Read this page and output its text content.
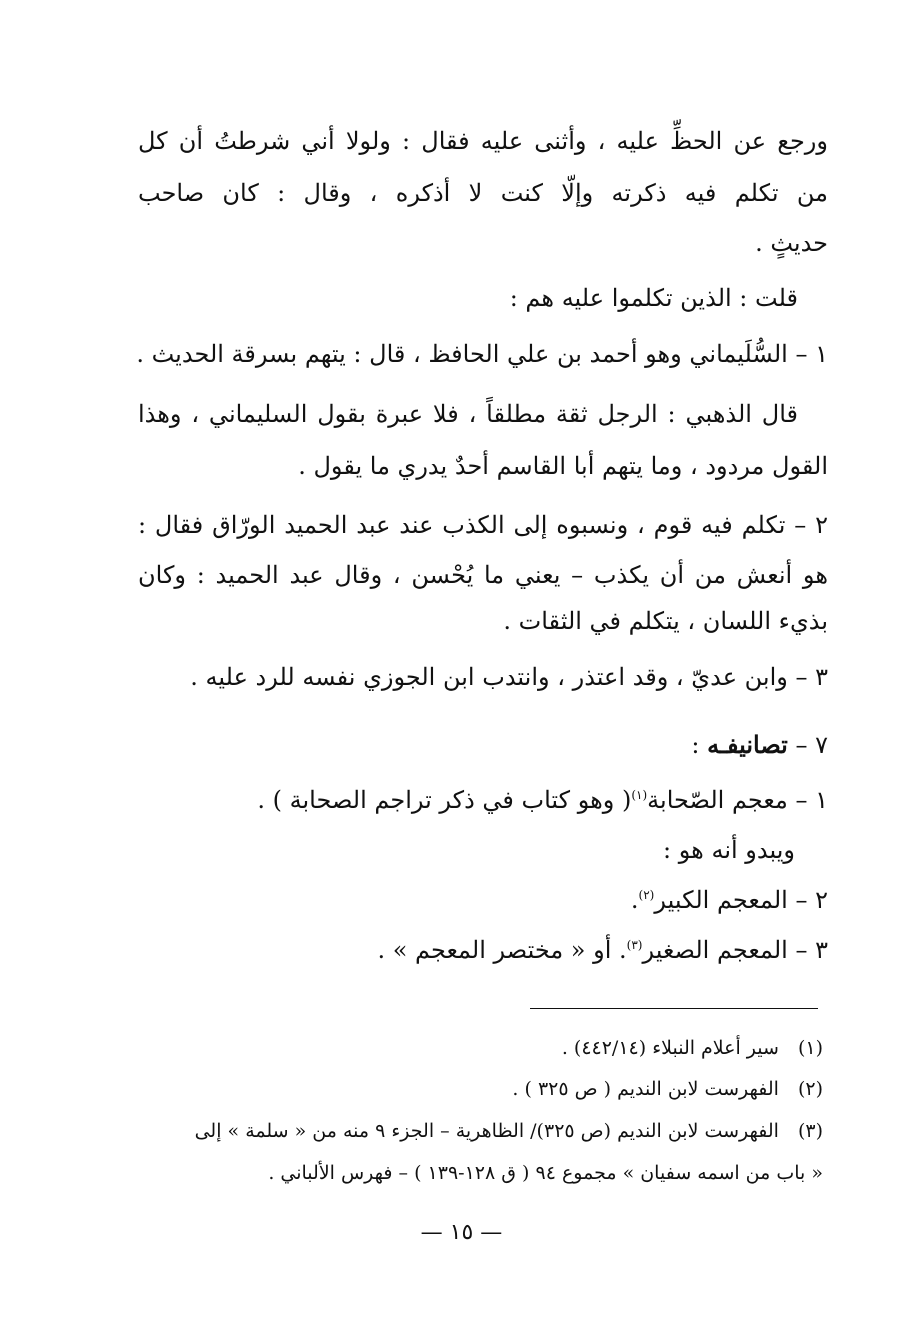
ورجع عن الحظِّ عليه ، وأثنى عليه فقال : ولولا أني شرطتُ أن كل
من تكلم فيه ذكرته وإلّا كنت لا أذكره ، وقال : كان صاحب
حديثٍ .
قلت : الذين تكلموا عليه هم :
١ – السُّلَيماني وهو أحمد بن علي الحافظ ، قال : يتهم بسرقة الحديث .
قال الذهبي : الرجل ثقة مطلقاً ، فلا عبرة بقول السليماني ، وهذا
القول مردود ، وما يتهم أبا القاسم أحدٌ يدري ما يقول .
٢ – تكلم فيه قوم ، ونسبوه إلى الكذب عند عبد الحميد الورّاق فقال :
هو أنعش من أن يكذب – يعني ما يُحْسن ، وقال عبد الحميد : وكان
بذيء اللسان ، يتكلم في الثقات .
٣ – وابن عديّ ، وقد اعتذر ، وانتدب ابن الجوزي نفسه للرد عليه .
٧ – تصانيفـه :
١ – معجم الصّحابة$^{(١)}$( وهو كتاب في ذكر تراجم الصحابة ) .
ويبدو أنه هو :
٢ – المعجم الكبير$^{(٢)}$.
٣ – المعجم الصغير$^{(٣)}$. أو « مختصر المعجم » .
(١) سير أعلام النبلاء (٤٤٢/١٤) .
(٢) الفهرست لابن النديم ( ص ٣٢٥ ) .
(٣) الفهرست لابن النديم (ص ٣٢٥)/ الظاهرية – الجزء ٩ منه من « سلمة » إلى
« باب من اسمه سفيان » مجموع ٩٤ ( ق ١٢٨-١٣٩ ) – فهرس الألباني .
— ١٥ —
